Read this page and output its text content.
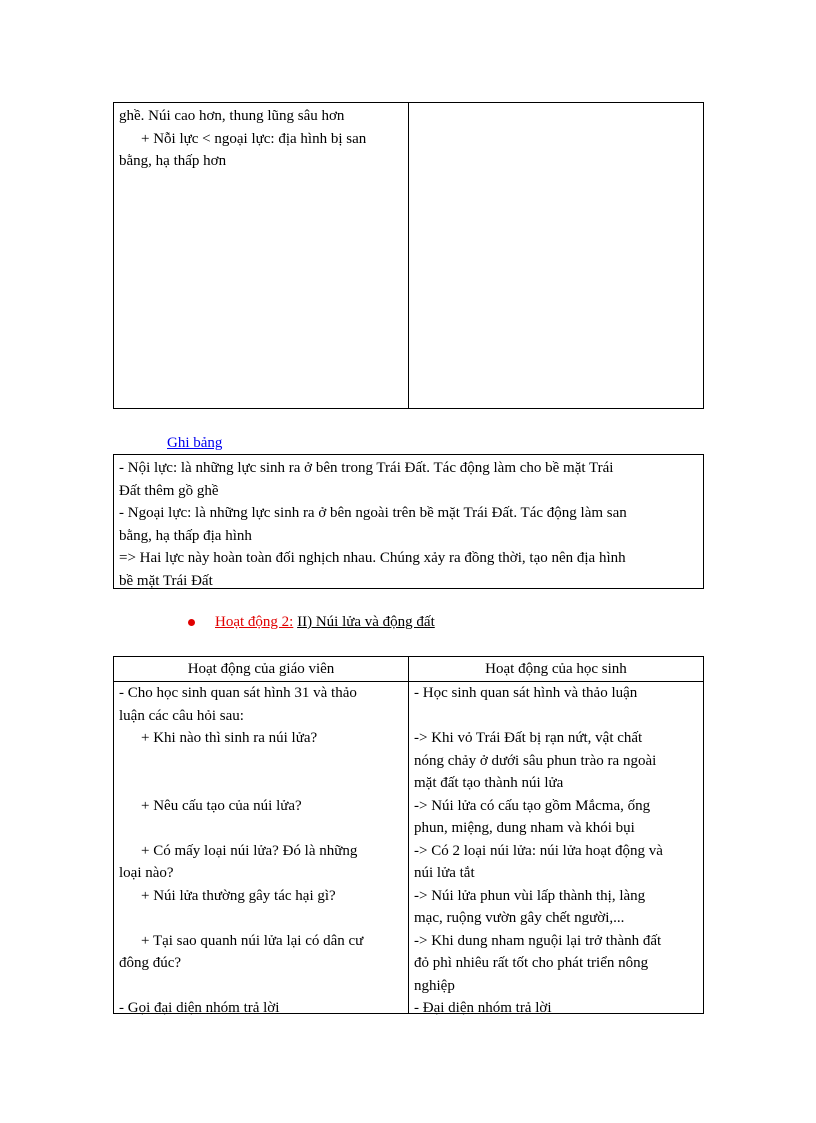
ghề. Núi cao hơn, thung lũng sâu hơn
+ Nỗi lực < ngoại lực: địa hình bị san
bằng, hạ thấp hơn
Ghi bảng
- Nội lực: là những lực sinh ra ở bên trong Trái Đất. Tác động làm cho bề mặt Trái
Đất thêm gồ ghề
- Ngoại lực: là những lực sinh ra ở bên ngoài trên bề mặt Trái Đất. Tác động làm san
bằng, hạ thấp địa hình
=> Hai lực này hoàn toàn đối nghịch nhau. Chúng xảy ra đồng thời, tạo nên địa hình
bề mặt Trái Đất
Hoạt động 2: II) Núi lửa và động đất
Hoạt động của giáo viên	Hoạt động của học sinh
- Cho học sinh quan sát hình 31 và thảo
luận các câu hỏi sau:
+ Khi nào thì sinh ra núi lửa?
+ Nêu cấu tạo của núi lửa?
+ Có mấy loại núi lửa? Đó là những
loại nào?
+ Núi lửa thường gây tác hại gì?
+ Tại sao quanh núi lửa lại có dân cư
đông đúc?
- Gọi đại diện nhóm trả lời
- Học sinh quan sát hình và thảo luận
-> Khi vỏ Trái Đất bị rạn nứt, vật chất
nóng chảy ở dưới sâu phun trào ra ngoài
mặt đất tạo thành núi lửa
-> Núi lửa có cấu tạo gồm Mắcma, ống
phun, miệng, dung nham và khói bụi
-> Có 2 loại núi lửa: núi lửa hoạt động và
núi lửa tắt
-> Núi lửa phun vùi lấp thành thị, làng
mạc, ruộng vườn gây chết người,...
-> Khi dung nham nguội lại trở thành đất
đỏ phì nhiêu rất tốt cho phát triển nông
nghiệp
- Đại diện nhóm trả lời
